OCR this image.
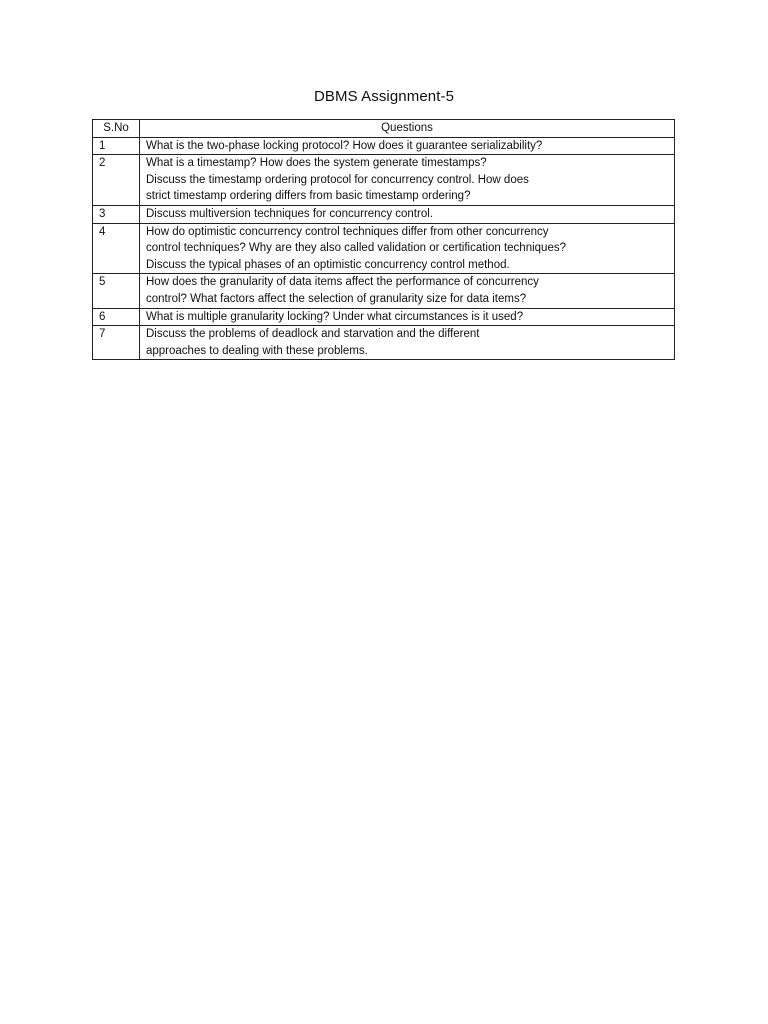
DBMS Assignment-5
S.No	Questions
1	What is the two-phase locking protocol? How does it guarantee serializability?

2	What is a timestamp? How does the system generate timestamps?
Discuss the timestamp ordering protocol for concurrency control. How does
strict timestamp ordering differs from basic timestamp ordering?

3	Discuss multiversion techniques for concurrency control.

4	How do optimistic concurrency control techniques differ from other concurrency
control techniques? Why are they also called validation or certification techniques?
Discuss the typical phases of an optimistic concurrency control method.

5	How does the granularity of data items affect the performance of concurrency
control? What factors affect the selection of granularity size for data items?

6	What is multiple granularity locking? Under what circumstances is it used?

7	Discuss the problems of deadlock and starvation and the different
approaches to dealing with these problems.
